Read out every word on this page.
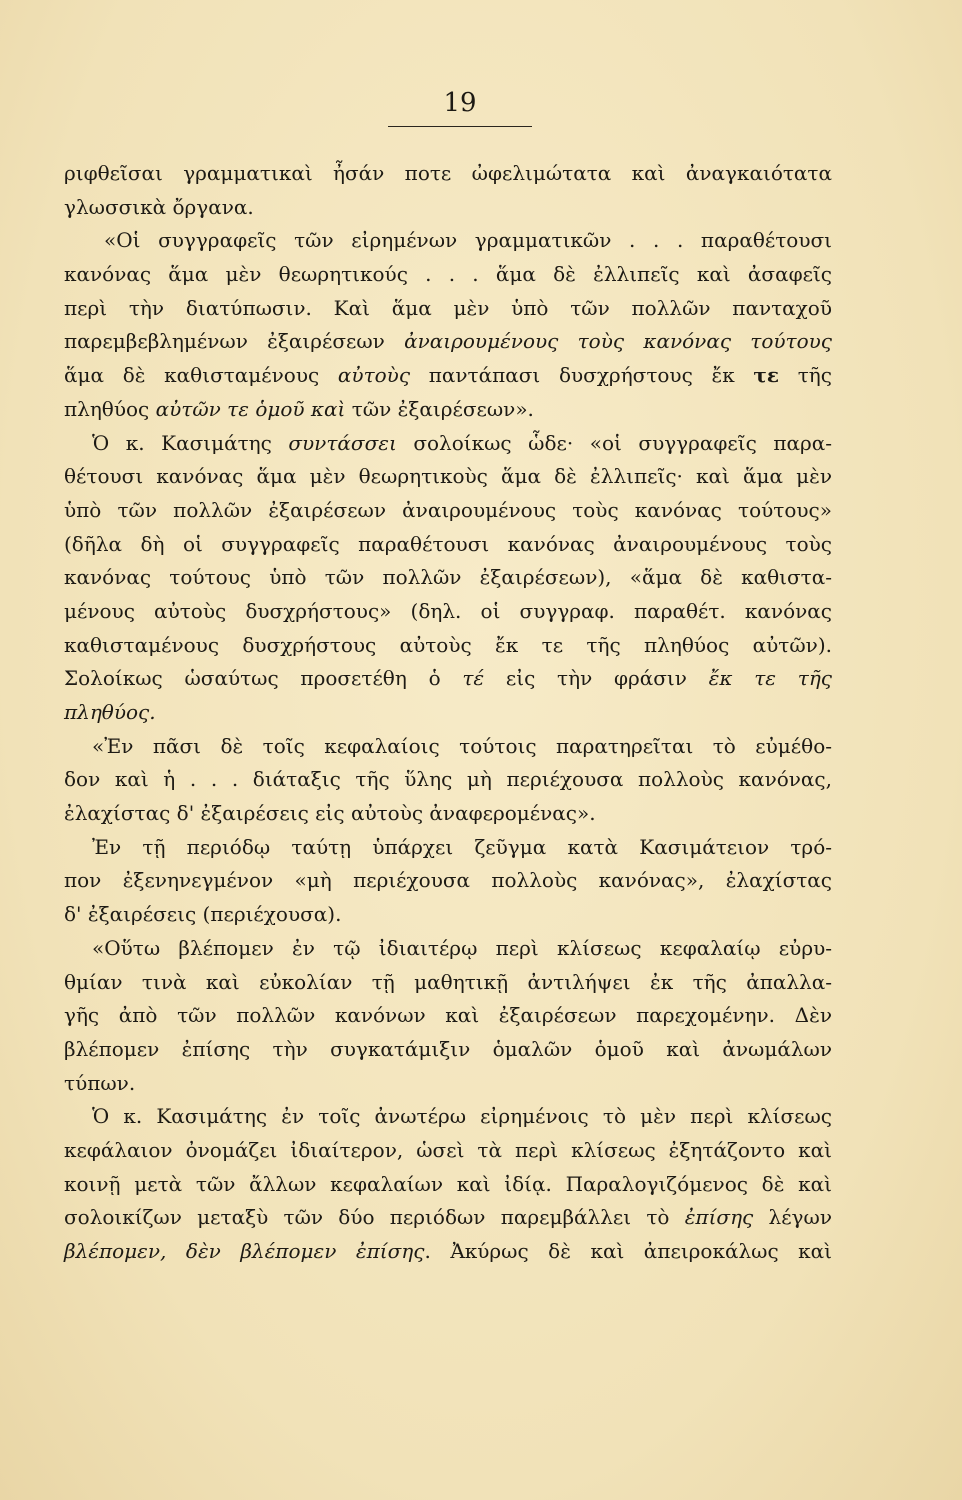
19
ριφθεῖσαι γραμματικαὶ ἦσάν ποτε ὠφελιμώτατα καὶ ἀναγκαιότατα
γλωσσικὰ ὄργανα.
«Οἱ συγγραφεῖς τῶν εἰρημένων γραμματικῶν . . . παραθέτουσι
κανόνας ἅμα μὲν θεωρητικούς . . . ἅμα δὲ ἐλλιπεῖς καὶ ἀσαφεῖς
περὶ τὴν διατύπωσιν. Καὶ ἅμα μὲν ὑπὸ τῶν πολλῶν πανταχοῦ
παρεμβεβλημένων ἐξαιρέσεων ἀναιρουμένους τοὺς κανόνας τούτους
ἅμα δὲ καθισταμένους αὐτοὺς παντάπασι δυσχρήστους ἔκ τε τῆς
πληθύος αὐτῶν τε ὁμοῦ καὶ τῶν ἐξαιρέσεων».
Ὁ κ. Κασιμάτης συντάσσει σολοίκως ὧδε· «οἱ συγγραφεῖς παρα-
θέτουσι κανόνας ἅμα μὲν θεωρητικοὺς ἅμα δὲ ἐλλιπεῖς· καὶ ἅμα μὲν
ὑπὸ τῶν πολλῶν ἐξαιρέσεων ἀναιρουμένους τοὺς κανόνας τούτους»
(δῆλα δὴ οἱ συγγραφεῖς παραθέτουσι κανόνας ἀναιρουμένους τοὺς
κανόνας τούτους ὑπὸ τῶν πολλῶν ἐξαιρέσεων), «ἅμα δὲ καθιστα-
μένους αὐτοὺς δυσχρήστους» (δηλ. οἱ συγγραφ. παραθέτ. κανόνας
καθισταμένους δυσχρήστους αὐτοὺς ἔκ τε τῆς πληθύος αὐτῶν).
Σολοίκως ὡσαύτως προσετέθη ὁ τέ εἰς τὴν φράσιν ἔκ τε τῆς
πληθύος.
«Ἐν πᾶσι δὲ τοῖς κεφαλαίοις τούτοις παρατηρεῖται τὸ εὐμέθο-
δον καὶ ἡ . . . διάταξις τῆς ὕλης μὴ περιέχουσα πολλοὺς κανόνας,
ἐλαχίστας δ' ἐξαιρέσεις εἰς αὐτοὺς ἀναφερομένας».
Ἐν τῇ περιόδῳ ταύτῃ ὑπάρχει ζεῦγμα κατὰ Κασιμάτειον τρό-
πον ἐξενηνεγμένον «μὴ περιέχουσα πολλοὺς κανόνας», ἐλαχίστας
δ' ἐξαιρέσεις (περιέχουσα).
«Οὕτω βλέπομεν ἐν τῷ ἰδιαιτέρῳ περὶ κλίσεως κεφαλαίῳ εὐρυ-
θμίαν τινὰ καὶ εὐκολίαν τῇ μαθητικῇ ἀντιλήψει ἐκ τῆς ἀπαλλα-
γῆς ἀπὸ τῶν πολλῶν κανόνων καὶ ἐξαιρέσεων παρεχομένην. Δὲν
βλέπομεν ἐπίσης τὴν συγκατάμιξιν ὁμαλῶν ὁμοῦ καὶ ἀνωμάλων
τύπων.
Ὁ κ. Κασιμάτης ἐν τοῖς ἀνωτέρω εἰρημένοις τὸ μὲν περὶ κλίσεως
κεφάλαιον ὀνομάζει ἰδιαίτερον, ὡσεὶ τὰ περὶ κλίσεως ἐξητάζοντο καὶ
κοινῇ μετὰ τῶν ἄλλων κεφαλαίων καὶ ἰδίᾳ. Παραλογιζόμενος δὲ καὶ
σολοικίζων μεταξὺ τῶν δύο περιόδων παρεμβάλλει τὸ ἐπίσης λέγων
βλέπομεν, δὲν βλέπομεν ἐπίσης. Ἀκύρως δὲ καὶ ἀπειροκάλως καὶ
